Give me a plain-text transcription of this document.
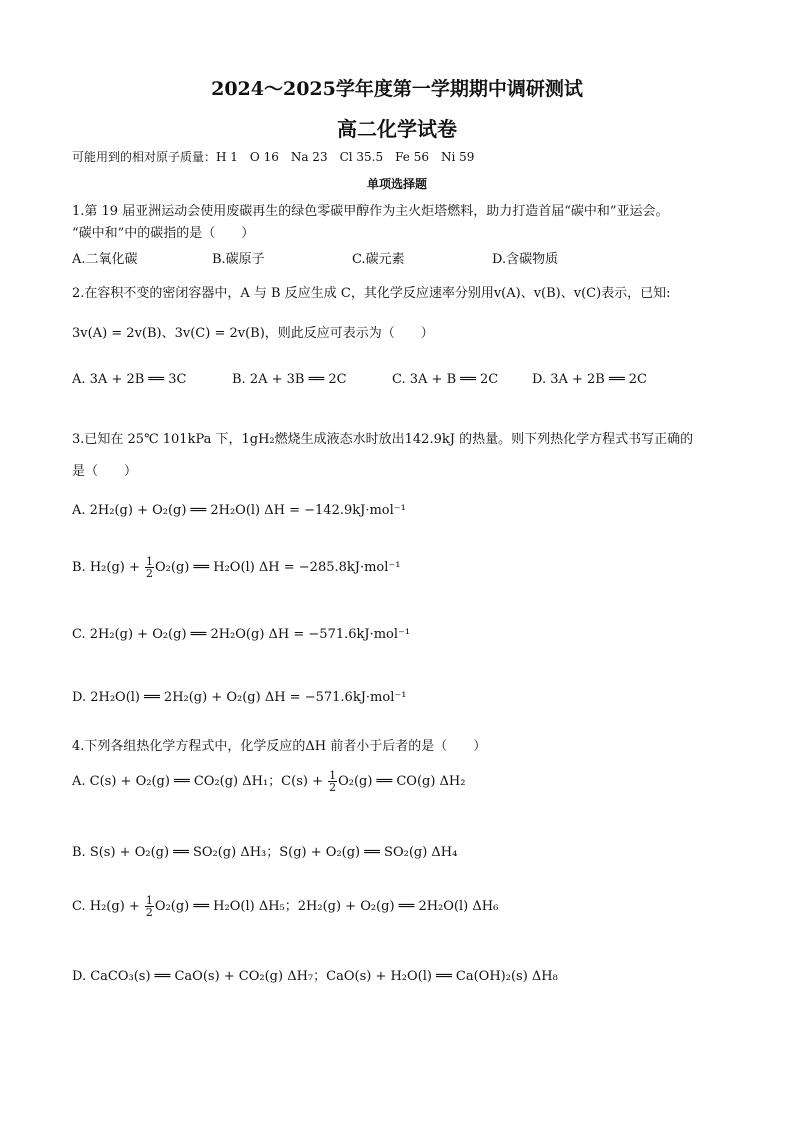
2024～2025学年度第一学期期中调研测试
高二化学试卷
可能用到的相对原子质量：H 1　O 16　Na 23　Cl 35.5　Fe 56　Ni 59
单项选择题
1.第 19 届亚洲运动会使用废碳再生的绿色零碳甲醇作为主火炬塔燃料，助力打造首届“碳中和”亚运会。
“碳中和”中的碳指的是（　　）
A.二氧化碳	B.碳原子	C.碳元素	D.含碳物质
2.在容积不变的密闭容器中，A 与 B 反应生成 C，其化学反应速率分别用v(A)、v(B)、v(C)表示，已知:
3v(A) = 2v(B)、3v(C) = 2v(B)，则此反应可表示为（　　）
A. 3A + 2B ══ 3C	B. 2A + 3B ══ 2C	C. 3A + B ══ 2C	D. 3A + 2B ══ 2C
3.已知在 25℃ 101kPa 下，1gH₂燃烧生成液态水时放出142.9kJ 的热量。则下列热化学方程式书写正确的
是（　　）
A. 2H₂(g) + O₂(g) ══ 2H₂O(l) ΔH = −142.9kJ·mol⁻¹
B. $H_2(g) + \frac{1}{2} O_2(g)$ ══ H₂O(l) ΔH = −285.8kJ·mol⁻¹
C. 2H₂(g) + O₂(g) ══ 2H₂O(g) ΔH = −571.6kJ·mol⁻¹
D. 2H₂O(l) ══ 2H₂(g) + O₂(g) ΔH = −571.6kJ·mol⁻¹
4.下列各组热化学方程式中，化学反应的ΔH 前者小于后者的是（　　）
A. C(s) + O₂(g) ══ CO₂(g) ΔH₁；$C(s) + \frac{1}{2} O_2(g)$ ══ CO(g) ΔH₂
B. S(s) + O₂(g) ══ SO₂(g) ΔH₃；S(g) + O₂(g) ══ SO₂(g) ΔH₄
C. $H_2(g) + \frac{1}{2} O_2(g)$ ══ H₂O(l) ΔH₅；2H₂(g) + O₂(g) ══ 2H₂O(l) ΔH₆
D. CaCO₃(s) ══ CaO(s) + CO₂(g) ΔH₇；CaO(s) + H₂O(l) ══ Ca(OH)₂(s) ΔH₈
